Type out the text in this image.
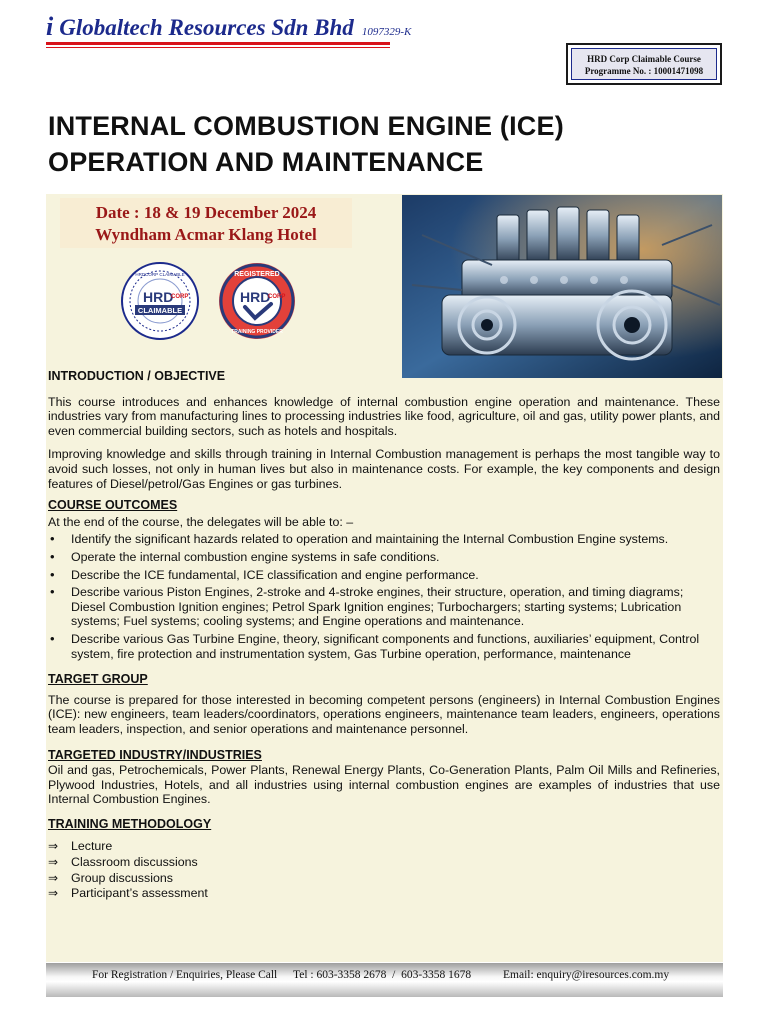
i Globaltech Resources Sdn Bhd 1097329-K
HRD Corp Claimable Course
Programme No. : 10001471098
INTERNAL COMBUSTION ENGINE (ICE)
OPERATION AND MAINTENANCE
Date : 18 & 19 December 2024
Wyndham Acmar Klang Hotel
HRD
CORP
CLAIMABLE
HRDCORP CLAIMABLE	REGISTERED
TRAINING PROVIDER
HRD
CORP
INTRODUCTION / OBJECTIVE

This course introduces and enhances knowledge of internal combustion engine operation and maintenance. These industries vary from manufacturing lines to processing industries like food, agriculture, oil and gas, utility power plants, and even commercial building sectors, such as hotels and hospitals.

Improving knowledge and skills through training in Internal Combustion management is perhaps the most tangible way to avoid such losses, not only in human lives but also in maintenance costs. For example, the key components and design features of Diesel/petrol/Gas Engines or gas turbines.

COURSE OUTCOMES

At the end of the course, the delegates will be able to: –

• Identify the significant hazards related to operation and maintaining the Internal Combustion Engine systems.
• Operate the internal combustion engine systems in safe conditions.
• Describe the ICE fundamental, ICE classification and engine performance.
• Describe various Piston Engines, 2-stroke and 4-stroke engines, their structure, operation, and timing diagrams; Diesel Combustion Ignition engines; Petrol Spark Ignition engines; Turbochargers; starting systems; Lubrication systems; Fuel systems; cooling systems; and Engine operations and maintenance.
• Describe various Gas Turbine Engine, theory, significant components and functions, auxiliaries’ equipment, Control system, fire protection and instrumentation system, Gas Turbine operation, performance, maintenance
TARGET GROUP

The course is prepared for those interested in becoming competent persons (engineers) in Internal Combustion Engines (ICE): new engineers, team leaders/coordinators, operations engineers, maintenance team leaders, engineers, operations team leaders, inspection, and senior operations and maintenance personnel.

TARGETED INDUSTRY/INDUSTRIES

Oil and gas, Petrochemicals, Power Plants, Renewal Energy Plants, Co-Generation Plants, Palm Oil Mills and Refineries, Plywood Industries, Hotels, and all industries using internal combustion engines are examples of industries that use Internal Combustion Engines.

TRAINING METHODOLOGY
⇒ Lecture
⇒ Classroom discussions
⇒ Group discussions
⇒ Participant’s assessment
For Registration / Enquiries, Please Call Tel : 603-3358 2678  /  603-3358 1678	Email: enquiry@iresources.com.my
